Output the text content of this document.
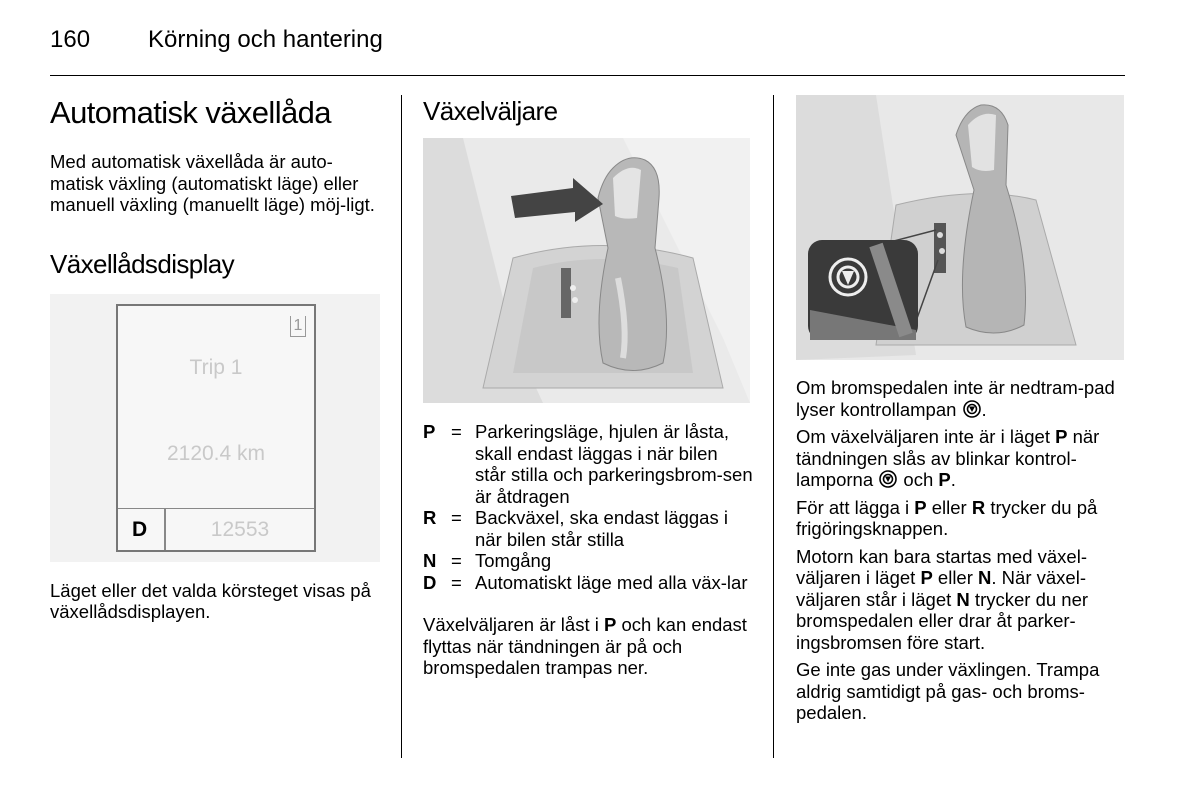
160 Körning och hantering
Automatisk växellåda

Med automatisk växellåda är auto-matisk växling (automatiskt läge) eller manuell växling (manuellt läge) möj-ligt.

Växellådsdisplay
1
Trip 1
2120.4 km
D	12553

Läget eller det valda körsteget visas på växellådsdisplayen.

Växelväljare
P = Parkeringsläge, hjulen är låsta, skall endast läggas i när bilen står stilla och parkeringsbrom-sen är åtdragen
R = Backväxel, ska endast läggas i när bilen står stilla
N = Tomgång
D = Automatiskt läge med alla väx-lar

Växelväljaren är låst i P och kan endast flyttas när tändningen är på och bromspedalen trampas ner.

Om bromspedalen inte är nedtram-pad lyser kontrollampan .

Om växelväljaren inte är i läget P när tändningen slås av blinkar kontrol-lamporna  och P.

För att lägga i P eller R trycker du på frigöringsknappen.

Motorn kan bara startas med växel-väljaren i läget P eller N. När växel-väljaren står i läget N trycker du ner bromspedalen eller drar åt parker-ingsbromsen före start.

Ge inte gas under växlingen. Trampa aldrig samtidigt på gas- och broms-pedalen.
